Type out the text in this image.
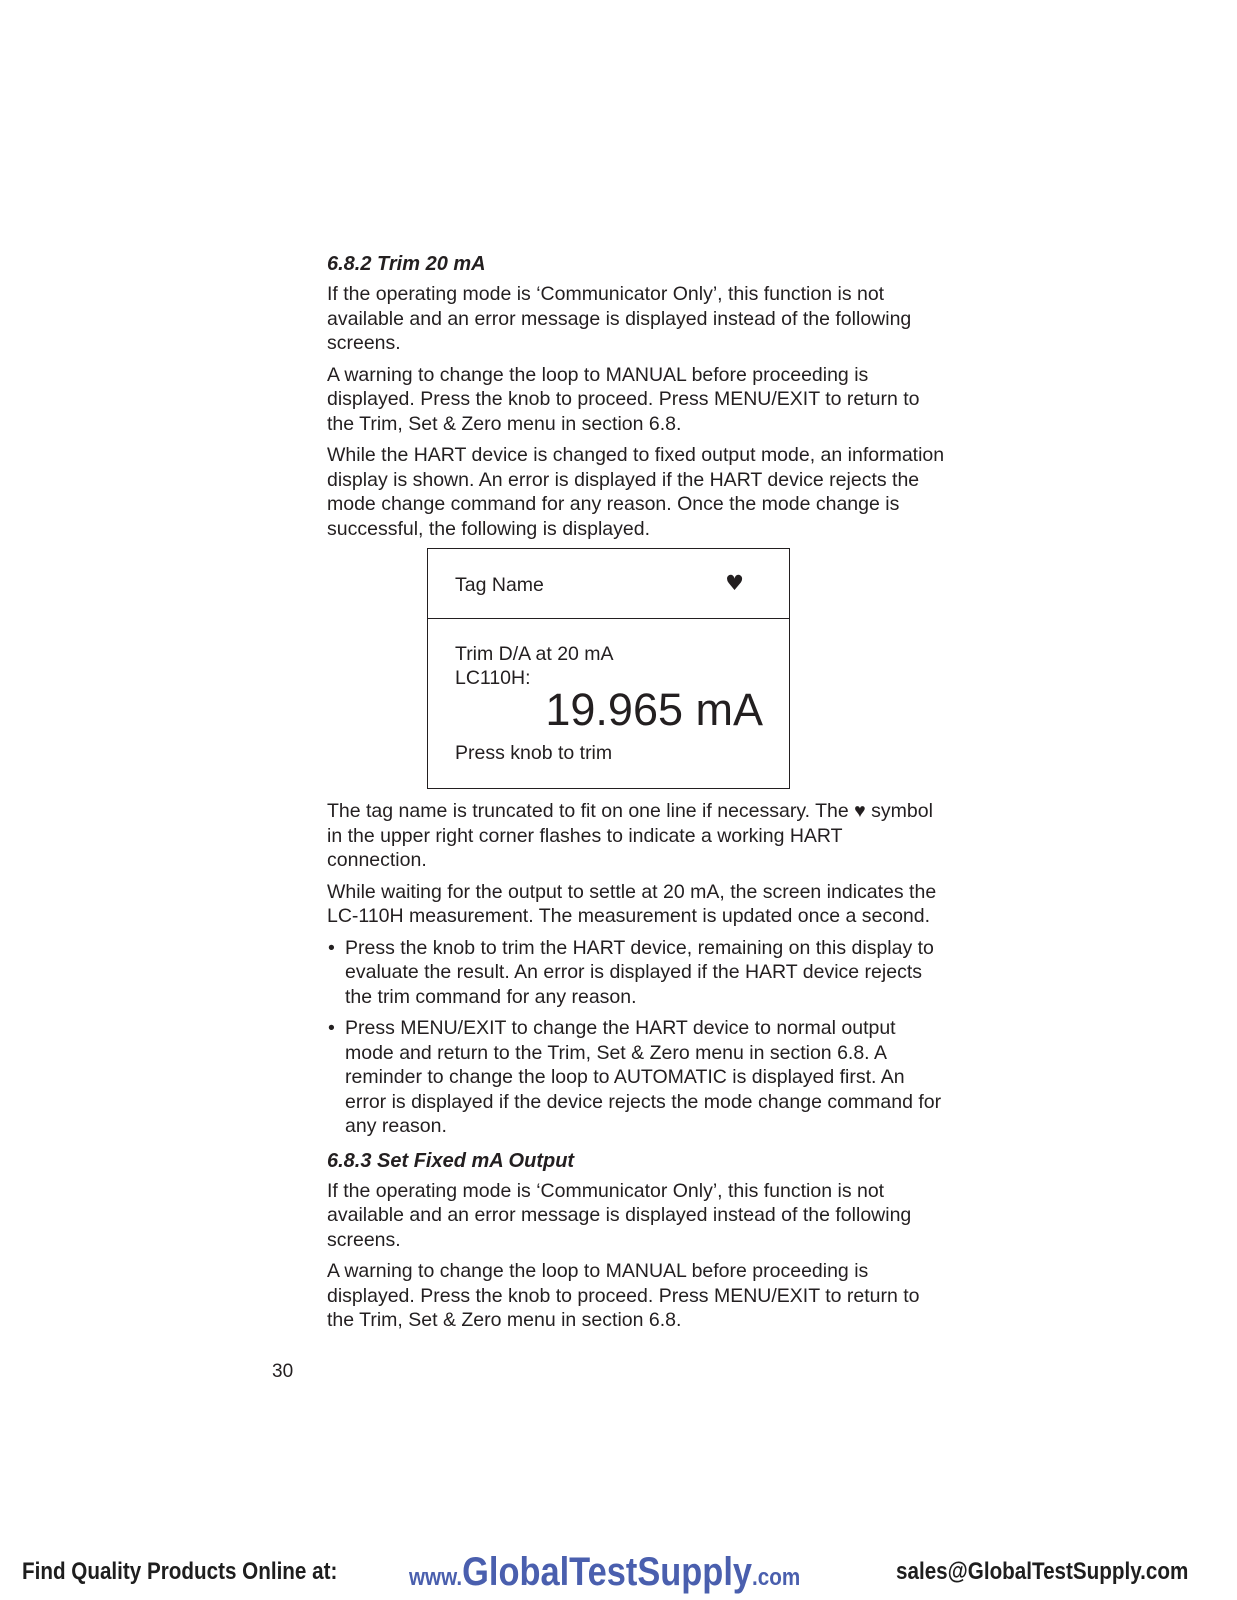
6.8.2 Trim 20 mA

If the operating mode is ‘Communicator Only’, this function is not available and an error message is displayed instead of the following screens.

A warning to change the loop to MANUAL before proceeding is displayed. Press the knob to proceed. Press MENU/EXIT to return to the Trim, Set & Zero menu in section 6.8.

While the HART device is changed to fixed output mode, an information display is shown. An error is displayed if the HART device rejects the mode change command for any reason. Once the mode change is successful, the following is displayed.

Tag Name	♥
Trim D/A at 20 mA
LC110H:
19.965 mA
Press knob to trim

The tag name is truncated to fit on one line if necessary. The ♥ symbol in the upper right corner flashes to indicate a working HART connection.

While waiting for the output to settle at 20 mA, the screen indicates the LC-110H measurement. The measurement is updated once a second.

• Press the knob to trim the HART device, remaining on this display to evaluate the result. An error is displayed if the HART device rejects the trim command for any reason.
• Press MENU/EXIT to change the HART device to normal output mode and return to the Trim, Set & Zero menu in section 6.8. A reminder to change the loop to AUTOMATIC is displayed first. An error is displayed if the device rejects the mode change command for any reason.
6.8.3 Set Fixed mA Output

If the operating mode is ‘Communicator Only’, this function is not available and an error message is displayed instead of the following screens.

A warning to change the loop to MANUAL before proceeding is displayed. Press the knob to proceed. Press MENU/EXIT to return to the Trim, Set & Zero menu in section 6.8.

30
Find Quality Products Online at:	www.GlobalTestSupply.com	sales@GlobalTestSupply.com
